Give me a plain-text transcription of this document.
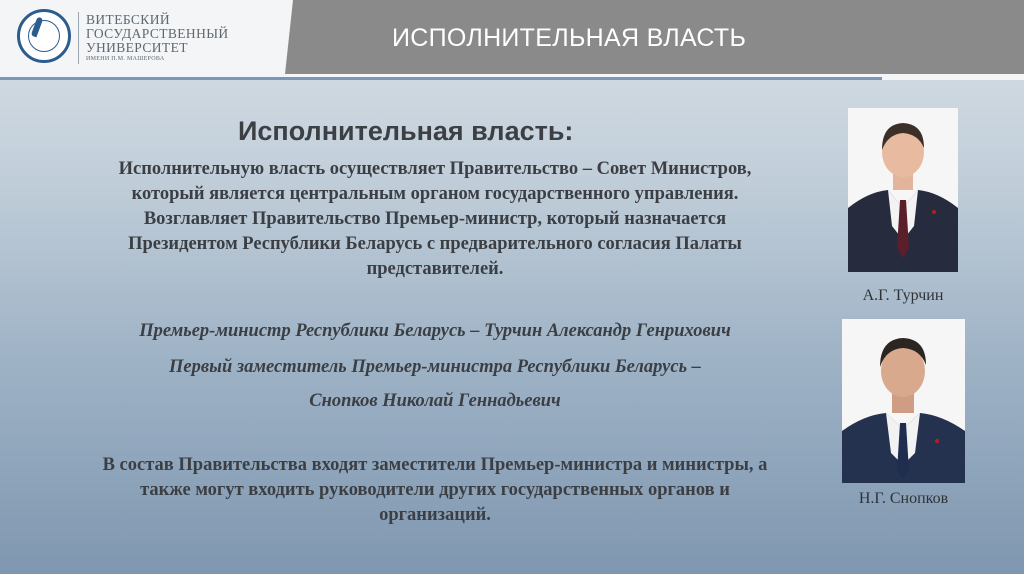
ВИТЕБСКИЙ
ГОСУДАРСТВЕННЫЙ
УНИВЕРСИТЕТ
ИМЕНИ П.М. МАШЕРОВА
ИСПОЛНИТЕЛЬНАЯ ВЛАСТЬ
Исполнительная власть:
Исполнительную власть осуществляет Правительство – Совет Министров,
который является центральным органом государственного управления.
Возглавляет Правительство Премьер-министр, который назначается
Президентом Республики Беларусь с предварительного согласия Палаты
представителей.
Премьер-министр Республики Беларусь – Турчин Александр Генрихович
Первый заместитель Премьер-министра Республики Беларусь –
Снопков Николай Геннадьевич
В состав Правительства входят заместители Премьер-министра и министры, а
также могут входить руководители других государственных органов и
организаций.
А.Г. Турчин
Н.Г. Снопков
